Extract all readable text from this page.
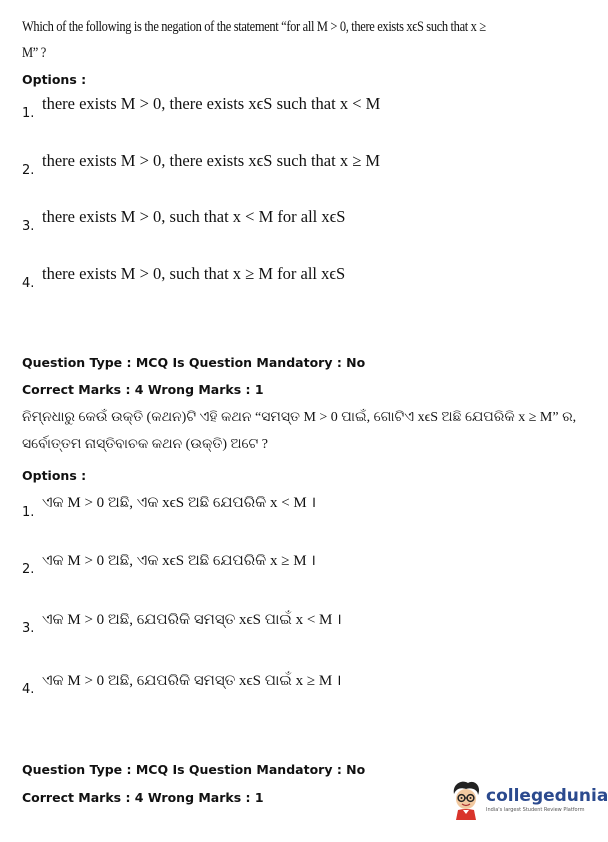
Which of the following is the negation of the statement “for all M > 0, there exists xϵS such that x ≥ M” ?
Options :
1.
there exists M > 0, there exists xϵS such that x < M
2.
there exists M > 0, there exists xϵS such that x ≥ M
3.
there exists M > 0, such that x < M for all xϵS
4.
there exists M > 0, such that x ≥ M for all xϵS
Question Type : MCQ Is Question Mandatory : No
Correct Marks : 4 Wrong Marks : 1
ନିମ୍ନଧାରୁ କେଉଁ ଉକ୍ତି (କଥନ)ଟି ଏହି କଥନ “ସମସ୍ତ M > 0 ପାଇଁ, ଗୋଟିଏ xϵS ଅଛି ଯେପରିକି x ≥ M” ର, ସର୍ବୋତ୍ତମ ନାସ୍ତିବାଚକ କଥନ (ଉକ୍ତି) ଅଟେ ?
Options :
1.
ଏକ M > 0 ଅଛି, ଏକ xϵS ଅଛି ଯେପରିକି x < M ।
2.
ଏକ M > 0 ଅଛି, ଏକ xϵS ଅଛି ଯେପରିକି x ≥ M ।
3.
ଏକ M > 0 ଅଛି, ଯେପରିକି ସମସ୍ତ xϵS ପାଇଁ x < M ।
4.
ଏକ M > 0 ଅଛି, ଯେପରିକି ସମସ୍ତ xϵS ପାଇଁ x ≥ M ।
Question Type : MCQ Is Question Mandatory : No
Correct Marks : 4 Wrong Marks : 1	collegedunia
India's largest Student Review Platform
